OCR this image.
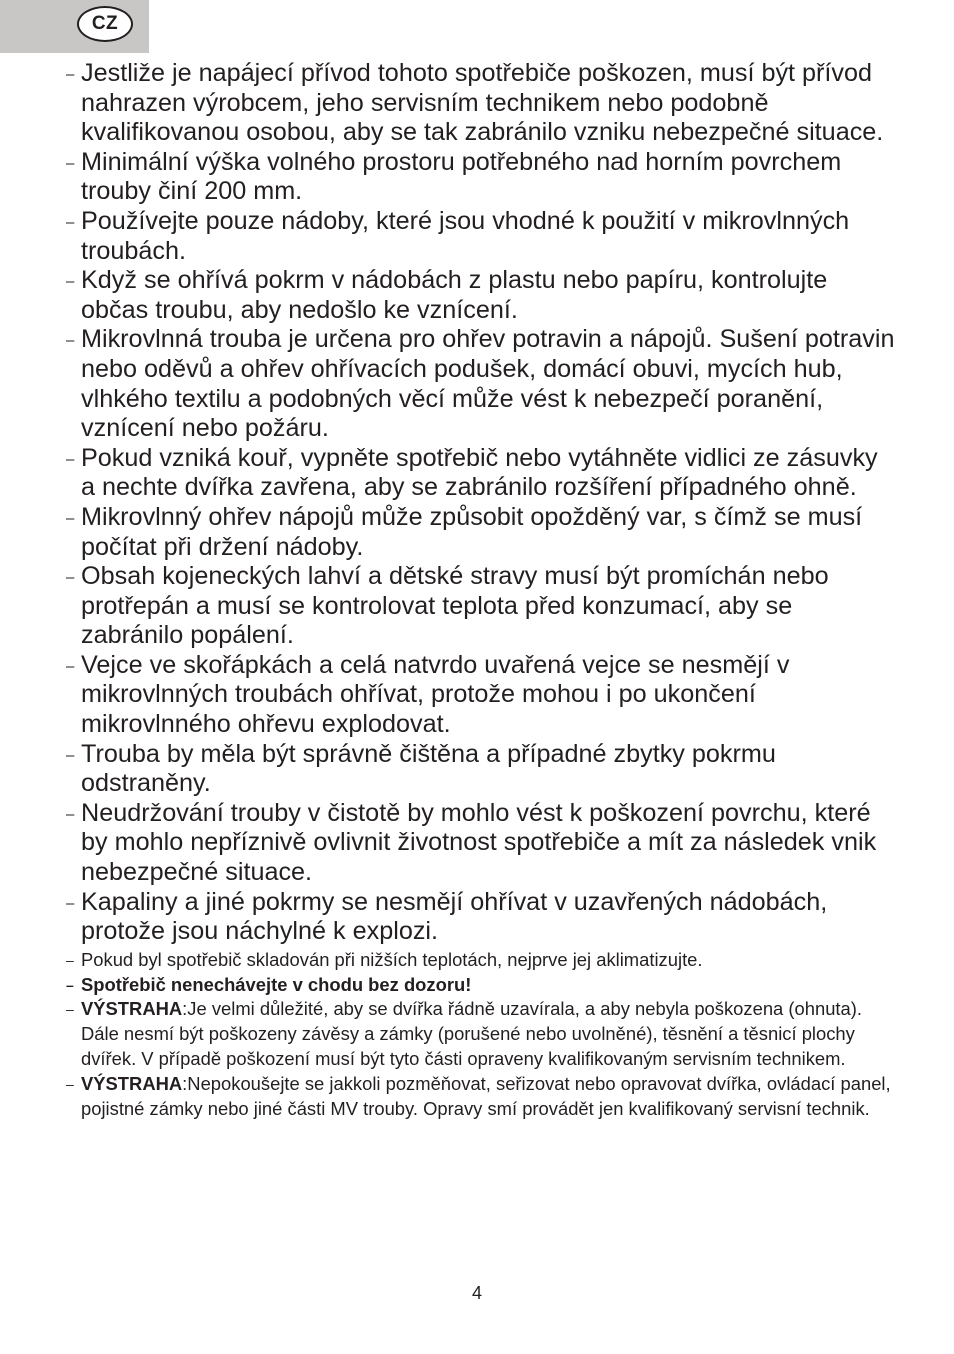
CZ
– Jestliže je napájecí přívod tohoto spotřebiče poškozen, musí být přívod nahrazen výrobcem, jeho servisním technikem nebo podobně kvalifikovanou osobou, aby se tak zabránilo vzniku nebezpečné situace.
– Minimální výška volného prostoru potřebného nad horním povrchem trouby činí 200 mm.
– Používejte pouze nádoby, které jsou vhodné k použití v mikrovlnných troubách.
– Když se ohřívá pokrm v nádobách z plastu nebo papíru, kontrolujte občas troubu, aby nedošlo ke vznícení.
– Mikrovlnná trouba je určena pro ohřev potravin a nápojů. Sušení potravin nebo oděvů a ohřev ohřívacích podušek, domácí obuvi, mycích hub, vlhkého textilu a podobných věcí může vést k nebezpečí poranění, vznícení nebo požáru.
– Pokud vzniká kouř, vypněte spotřebič nebo vytáhněte vidlici ze zásuvky a nechte dvířka zavřena, aby se zabránilo rozšíření případného ohně.
– Mikrovlnný ohřev nápojů může způsobit opožděný var, s čímž se musí počítat při držení nádoby.
– Obsah kojeneckých lahví a dětské stravy musí být promíchán nebo protřepán a musí se kontrolovat teplota před konzumací, aby se zabránilo popálení.
– Vejce ve skořápkách a celá natvrdo uvařená vejce se nesmějí v mikrovlnných troubách ohřívat, protože mohou i po ukončení mikrovlnného ohřevu explodovat.
– Trouba by měla být správně čištěna a případné zbytky pokrmu odstraněny.
– Neudržování trouby v čistotě by mohlo vést k poškození povrchu, které by mohlo nepříznivě ovlivnit životnost spotřebiče a mít za následek vnik nebezpečné situace.
– Kapaliny a jiné pokrmy se nesmějí ohřívat v uzavřených nádobách, protože jsou náchylné k explozi.
– Pokud byl spotřebič skladován při nižších teplotách, nejprve jej aklimatizujte.
– Spotřebič nenechávejte v chodu bez dozoru!
– VÝSTRAHA:Je velmi důležité, aby se dvířka řádně uzavírala, a aby nebyla poškozena (ohnuta). Dále nesmí být poškozeny závěsy a zámky (porušené nebo uvolněné), těsnění a těsnicí plochy dvířek. V případě poškození musí být tyto části opraveny kvalifikovaným servisním technikem.
– VÝSTRAHA:Nepokoušejte se jakkoli pozměňovat, seřizovat nebo opravovat dvířka, ovládací panel, pojistné zámky nebo jiné části MV trouby. Opravy smí provádět jen kvalifikovaný servisní technik.
4
